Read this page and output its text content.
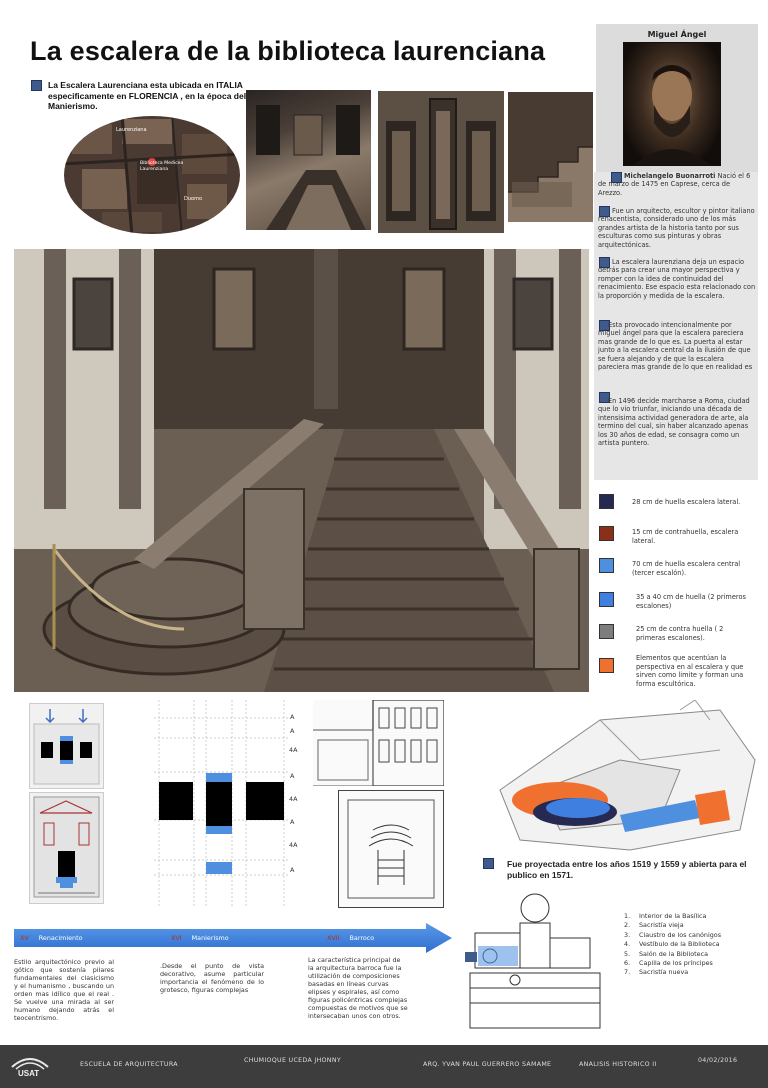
La escalera de la biblioteca laurenciana
La Escalera Laurenciana esta ubicada en ITALIA especificamente en FLORENCIA , en la época del Manierismo.
Laurenziana
Biblioteca Medicea Laurenziana
Duomo
Miguel Ángel
Michelangelo Buonarroti Nació el 6 de marzo de 1475 en Caprese, cerca de Arezzo.
Fue un arquitecto, escultor y pintor italiano renacentista, considerado uno de los más grandes artista de la historia tanto por sus esculturas como sus pinturas y obras arquitectónicas.
La escalera laurenziana deja un espacio detrás para crear una mayor perspectiva y romper con la idea de continuidad del renacimiento. Ese espacio esta relacionado con la proporción y medida de la escalera.
Esta provocado intencionalmente por miguel ángel para que la escalera pareciera mas grande de lo que es. La puerta al estar junto a la escalera central da la ilusión de que se fuera alejando y de que la escalera pareciera mas grande de lo que en realidad es
En 1496 decide marcharse a Roma, ciudad que lo vio triunfar, iniciando una década de intensisima actividad generadora de arte, ala termino del cual, sin haber alcanzado apenas los 30 años de edad, se consagra como un artista puntero.
28 cm de huella escalera lateral.
15 cm de contrahuella, escalera lateral.
70 cm de huella escalera central (tercer escalón).
35 a 40 cm de huella (2 primeros escalones)
25 cm de contra huella ( 2 primeras escalones).
Elementos que acentúan la perspectiva en al escalera y que sirven como limite y forman una forma escultórica.
A
A
4A
A
4A
A
4A
A
Fue proyectada entre los años 1519 y 1559 y abierta para el publico en 1571.
1. Interior de la Basílica
2. Sacristía vieja
3. Claustro de los canónigos
4. Vestíbulo de la Biblioteca
5. Salón de la Biblioteca
6. Capilla de los príncipes
7. Sacristía nueva
XV Renacimiento	XVI Manierismo	XVII Barroco
Estilo arquitectónico previo al gótico que sostenía pilares fundamentales del clasicismo y el humanismo , buscando un orden mas idílico que el real . Se vuelve una mirada al ser humano dejando atrás el teocentrismo.
.Desde el punto de vista decorativo, asume particular importancia el fenómeno de lo grotesco, figuras complejas
La característica principal de la arquitectura barroca fue la utilización de composiciones basadas en líneas curvas elipses y espirales, así como figuras policéntricas complejas compuestas de motivos que se intersecaban unos con otros.
USAT
ESCUELA DE ARQUITECTURA
CHUMIOQUE UCEDA JHONNY
ARQ. YVAN PAUL GUERRERO SAMAME	ANALISIS HISTORICO II
04/02/2016
